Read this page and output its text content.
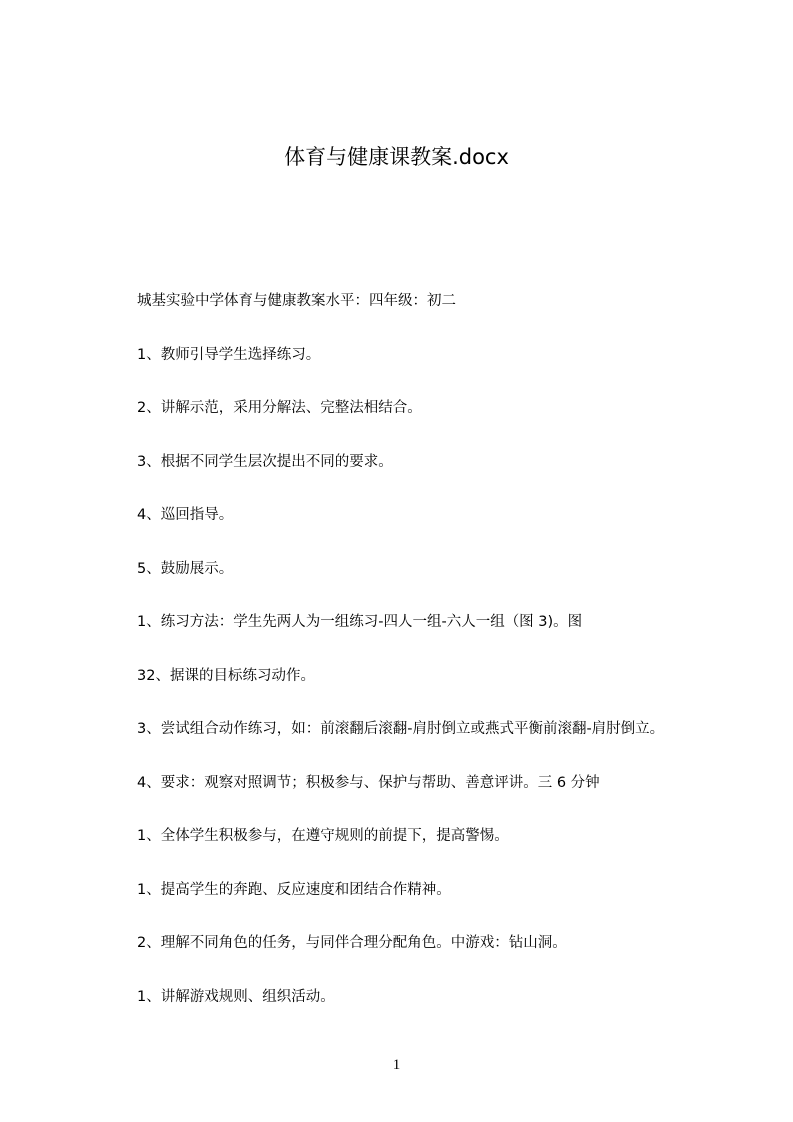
体育与健康课教案.docx
城基实验中学体育与健康教案水平：四年级：初二
1、教师引导学生选择练习。
2、讲解示范，采用分解法、完整法相结合。
3、根据不同学生层次提出不同的要求。
4、巡回指导。
5、鼓励展示。
1、练习方法：学生先两人为一组练习-四人一组-六人一组（图 3)。图
32、据课的目标练习动作。
3、尝试组合动作练习，如：前滚翻后滚翻-肩肘倒立或燕式平衡前滚翻-肩肘倒立。
4、要求：观察对照调节；积极参与、保护与帮助、善意评讲。三 6 分钟
1、全体学生积极参与，在遵守规则的前提下，提高警惕。
1、提高学生的奔跑、反应速度和团结合作精神。
2、理解不同角色的任务，与同伴合理分配角色。中游戏：钻山洞。
1、讲解游戏规则、组织活动。
1
